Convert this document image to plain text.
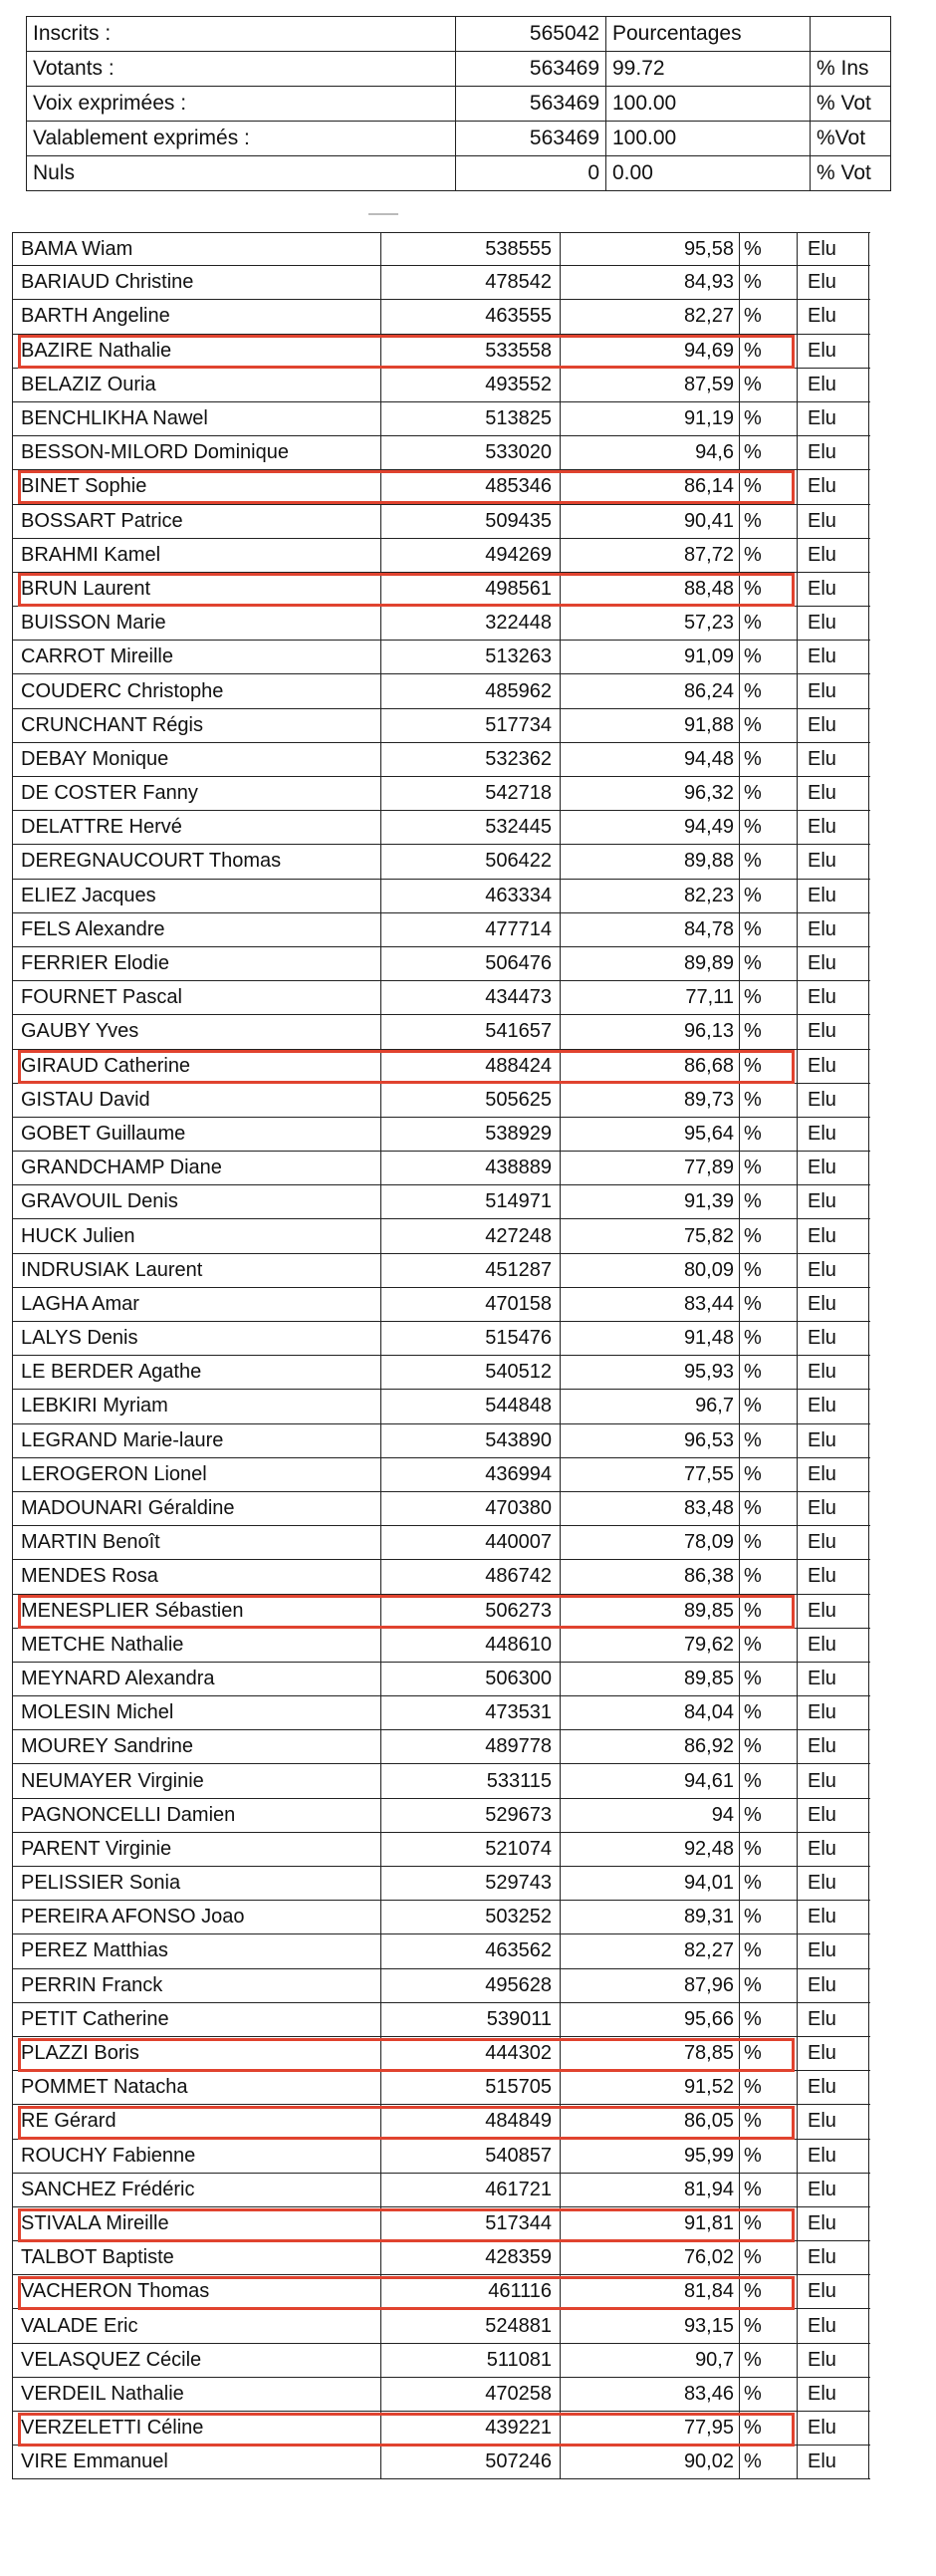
Inscrits :	565042	Pourcentages	
Votants :	563469	99.72	% Ins
Voix exprimées :	563469	100.00	% Vot
Valablement exprimés :	563469	100.00	%Vot
Nuls	0	0.00	% Vot
BAMA Wiam	538555	95,58 %	Elu
BARIAUD Christine	478542	84,93 %	Elu
BARTH Angeline	463555	82,27 %	Elu
BAZIRE Nathalie	533558	94,69 %	Elu
BELAZIZ Ouria	493552	87,59 %	Elu
BENCHLIKHA Nawel	513825	91,19 %	Elu
BESSON-MILORD Dominique	533020	94,6 %	Elu
BINET Sophie	485346	86,14 %	Elu
BOSSART Patrice	509435	90,41 %	Elu
BRAHMI Kamel	494269	87,72 %	Elu
BRUN Laurent	498561	88,48 %	Elu
BUISSON Marie	322448	57,23 %	Elu
CARROT Mireille	513263	91,09 %	Elu
COUDERC Christophe	485962	86,24 %	Elu
CRUNCHANT Régis	517734	91,88 %	Elu
DEBAY Monique	532362	94,48 %	Elu
DE COSTER Fanny	542718	96,32 %	Elu
DELATTRE Hervé	532445	94,49 %	Elu
DEREGNAUCOURT Thomas	506422	89,88 %	Elu
ELIEZ Jacques	463334	82,23 %	Elu
FELS Alexandre	477714	84,78 %	Elu
FERRIER Elodie	506476	89,89 %	Elu
FOURNET Pascal	434473	77,11 %	Elu
GAUBY Yves	541657	96,13 %	Elu
GIRAUD Catherine	488424	86,68 %	Elu
GISTAU David	505625	89,73 %	Elu
GOBET Guillaume	538929	95,64 %	Elu
GRANDCHAMP Diane	438889	77,89 %	Elu
GRAVOUIL Denis	514971	91,39 %	Elu
HUCK Julien	427248	75,82 %	Elu
INDRUSIAK Laurent	451287	80,09 %	Elu
LAGHA Amar	470158	83,44 %	Elu
LALYS Denis	515476	91,48 %	Elu
LE BERDER Agathe	540512	95,93 %	Elu
LEBKIRI Myriam	544848	96,7 %	Elu
LEGRAND Marie-laure	543890	96,53 %	Elu
LEROGERON Lionel	436994	77,55 %	Elu
MADOUNARI Géraldine	470380	83,48 %	Elu
MARTIN Benoît	440007	78,09 %	Elu
MENDES Rosa	486742	86,38 %	Elu
MENESPLIER Sébastien	506273	89,85 %	Elu
METCHE Nathalie	448610	79,62 %	Elu
MEYNARD Alexandra	506300	89,85 %	Elu
MOLESIN Michel	473531	84,04 %	Elu
MOUREY Sandrine	489778	86,92 %	Elu
NEUMAYER Virginie	533115	94,61 %	Elu
PAGNONCELLI Damien	529673	94 %	Elu
PARENT Virginie	521074	92,48 %	Elu
PELISSIER Sonia	529743	94,01 %	Elu
PEREIRA AFONSO Joao	503252	89,31 %	Elu
PEREZ Matthias	463562	82,27 %	Elu
PERRIN Franck	495628	87,96 %	Elu
PETIT Catherine	539011	95,66 %	Elu
PLAZZI Boris	444302	78,85 %	Elu
POMMET Natacha	515705	91,52 %	Elu
RE Gérard	484849	86,05 %	Elu
ROUCHY Fabienne	540857	95,99 %	Elu
SANCHEZ Frédéric	461721	81,94 %	Elu
STIVALA Mireille	517344	91,81 %	Elu
TALBOT Baptiste	428359	76,02 %	Elu
VACHERON Thomas	461116	81,84 %	Elu
VALADE Eric	524881	93,15 %	Elu
VELASQUEZ Cécile	511081	90,7 %	Elu
VERDEIL Nathalie	470258	83,46 %	Elu
VERZELETTI Céline	439221	77,95 %	Elu
VIRE Emmanuel	507246	90,02 %	Elu
